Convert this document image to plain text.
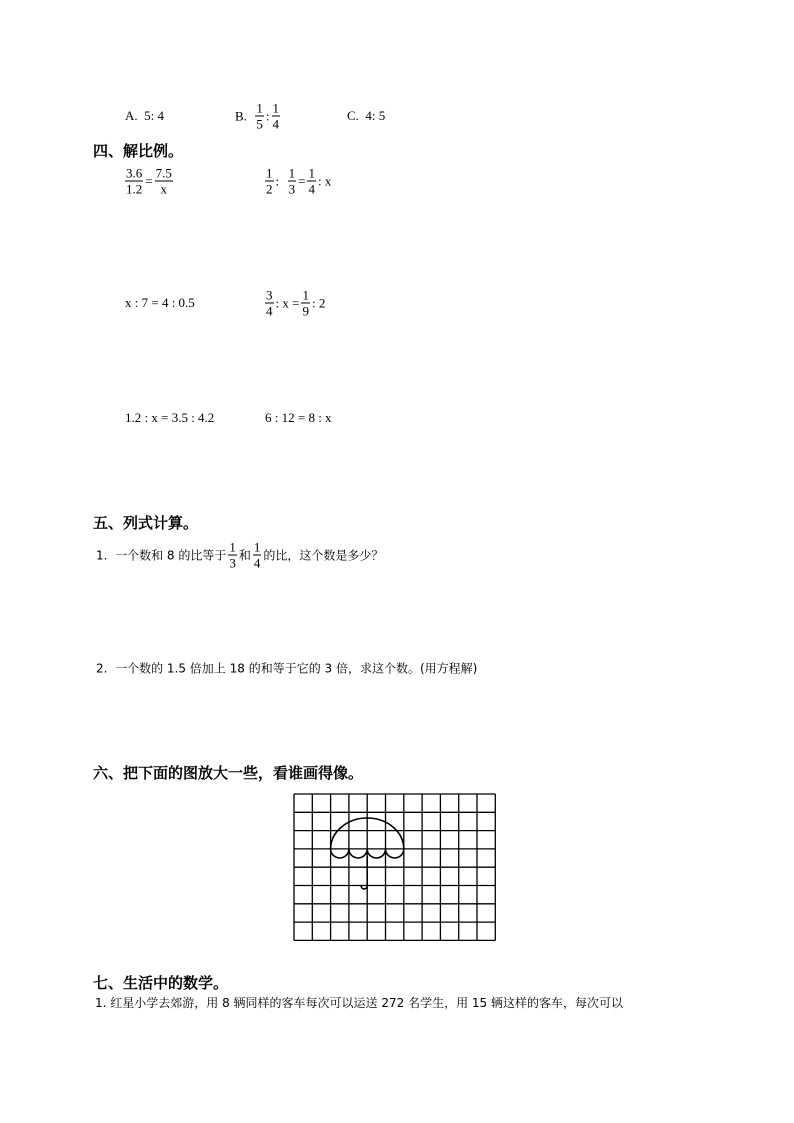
A.  5: 4	B. $\frac{1}{5}$ : $\frac{1}{4}$	C.  4: 5
四、解比例。
$\frac{3.6}{1.2} = \frac{7.5}{x}$	$\frac{1}{2}$ : $\frac{1}{3} = \frac{1}{4}$ : x
x : 7 = 4 : 0.5	$\frac{3}{4}$ : $x = \frac{1}{9}$ : 2
1.2 : x = 3.5 : 4.2	6 : 12 = 8 : x
五、列式计算。
1.  一个数和 8 的比等于 $\frac{1}{3}$ 和 $\frac{1}{4}$ 的比，这个数是多少？
2.  一个数的 1.5 倍加上 18 的和等于它的 3 倍，求这个数。(用方程解)
六、把下面的图放大一些，看谁画得像。
七、生活中的数学。
1. 红星小学去郊游，用 8 辆同样的客车每次可以运送 272 名学生，用 15 辆这样的客车，每次可以
